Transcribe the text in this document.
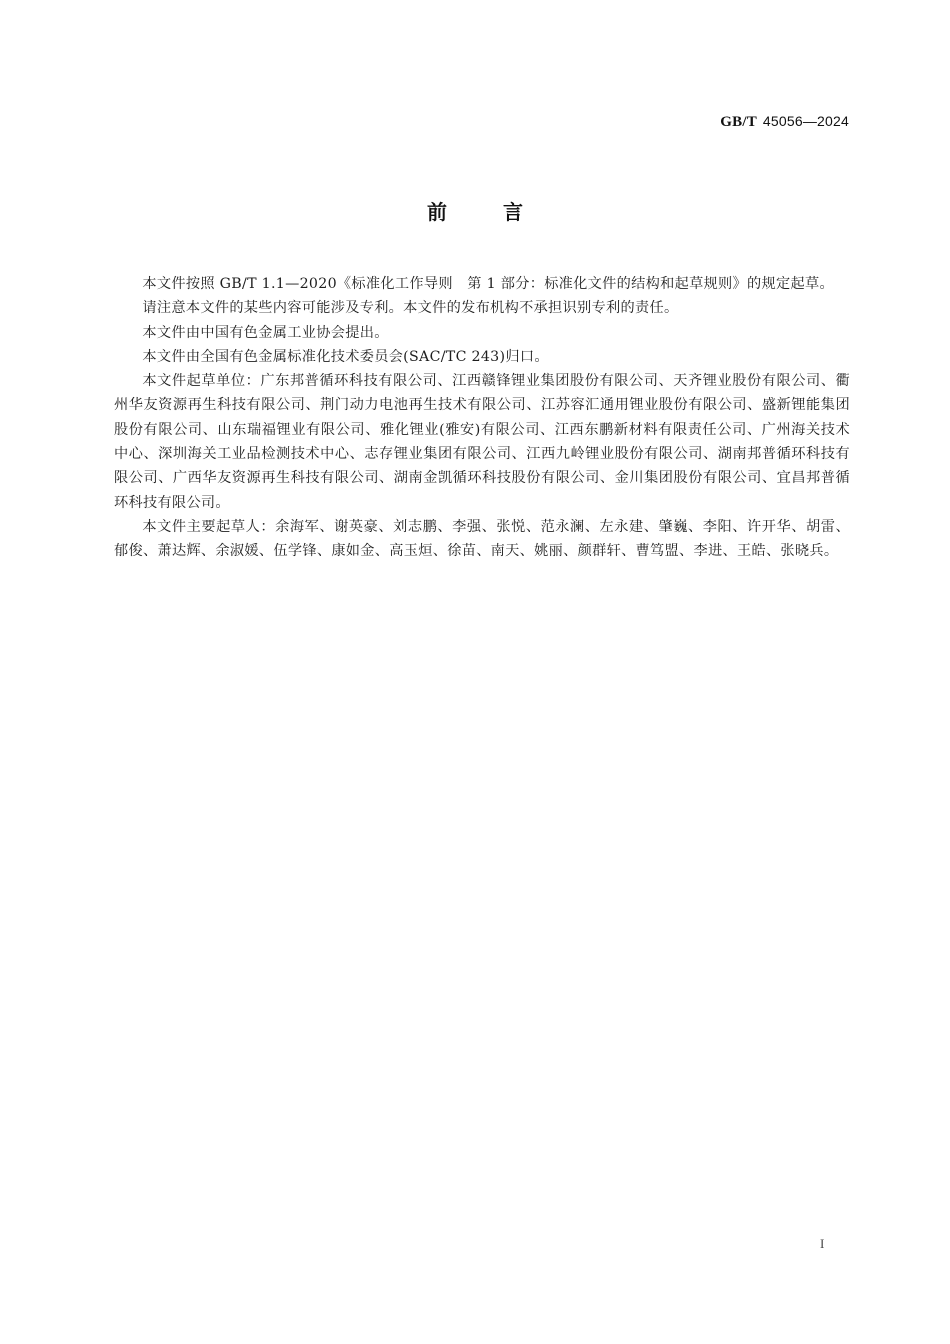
GB/T 45056—2024
前	言

本文件按照 GB/T 1.1—2020《标准化工作导则　第 1 部分：标准化文件的结构和起草规则》的规定起草。

请注意本文件的某些内容可能涉及专利。本文件的发布机构不承担识别专利的责任。

本文件由中国有色金属工业协会提出。

本文件由全国有色金属标准化技术委员会(SAC/TC 243)归口。

本文件起草单位：广东邦普循环科技有限公司、江西赣锋锂业集团股份有限公司、天齐锂业股份有限公司、衢州华友资源再生科技有限公司、荆门动力电池再生技术有限公司、江苏容汇通用锂业股份有限公司、盛新锂能集团股份有限公司、山东瑞福锂业有限公司、雅化锂业(雅安)有限公司、江西东鹏新材料有限责任公司、广州海关技术中心、深圳海关工业品检测技术中心、志存锂业集团有限公司、江西九岭锂业股份有限公司、湖南邦普循环科技有限公司、广西华友资源再生科技有限公司、湖南金凯循环科技股份有限公司、金川集团股份有限公司、宜昌邦普循环科技有限公司。

本文件主要起草人：余海军、谢英豪、刘志鹏、李强、张悦、范永澜、左永建、肇巍、李阳、许开华、胡雷、郁俊、萧达辉、余淑媛、伍学锋、康如金、高玉烜、徐苗、南天、姚丽、颜群轩、曹笃盟、李进、王皓、张晓兵。

I
